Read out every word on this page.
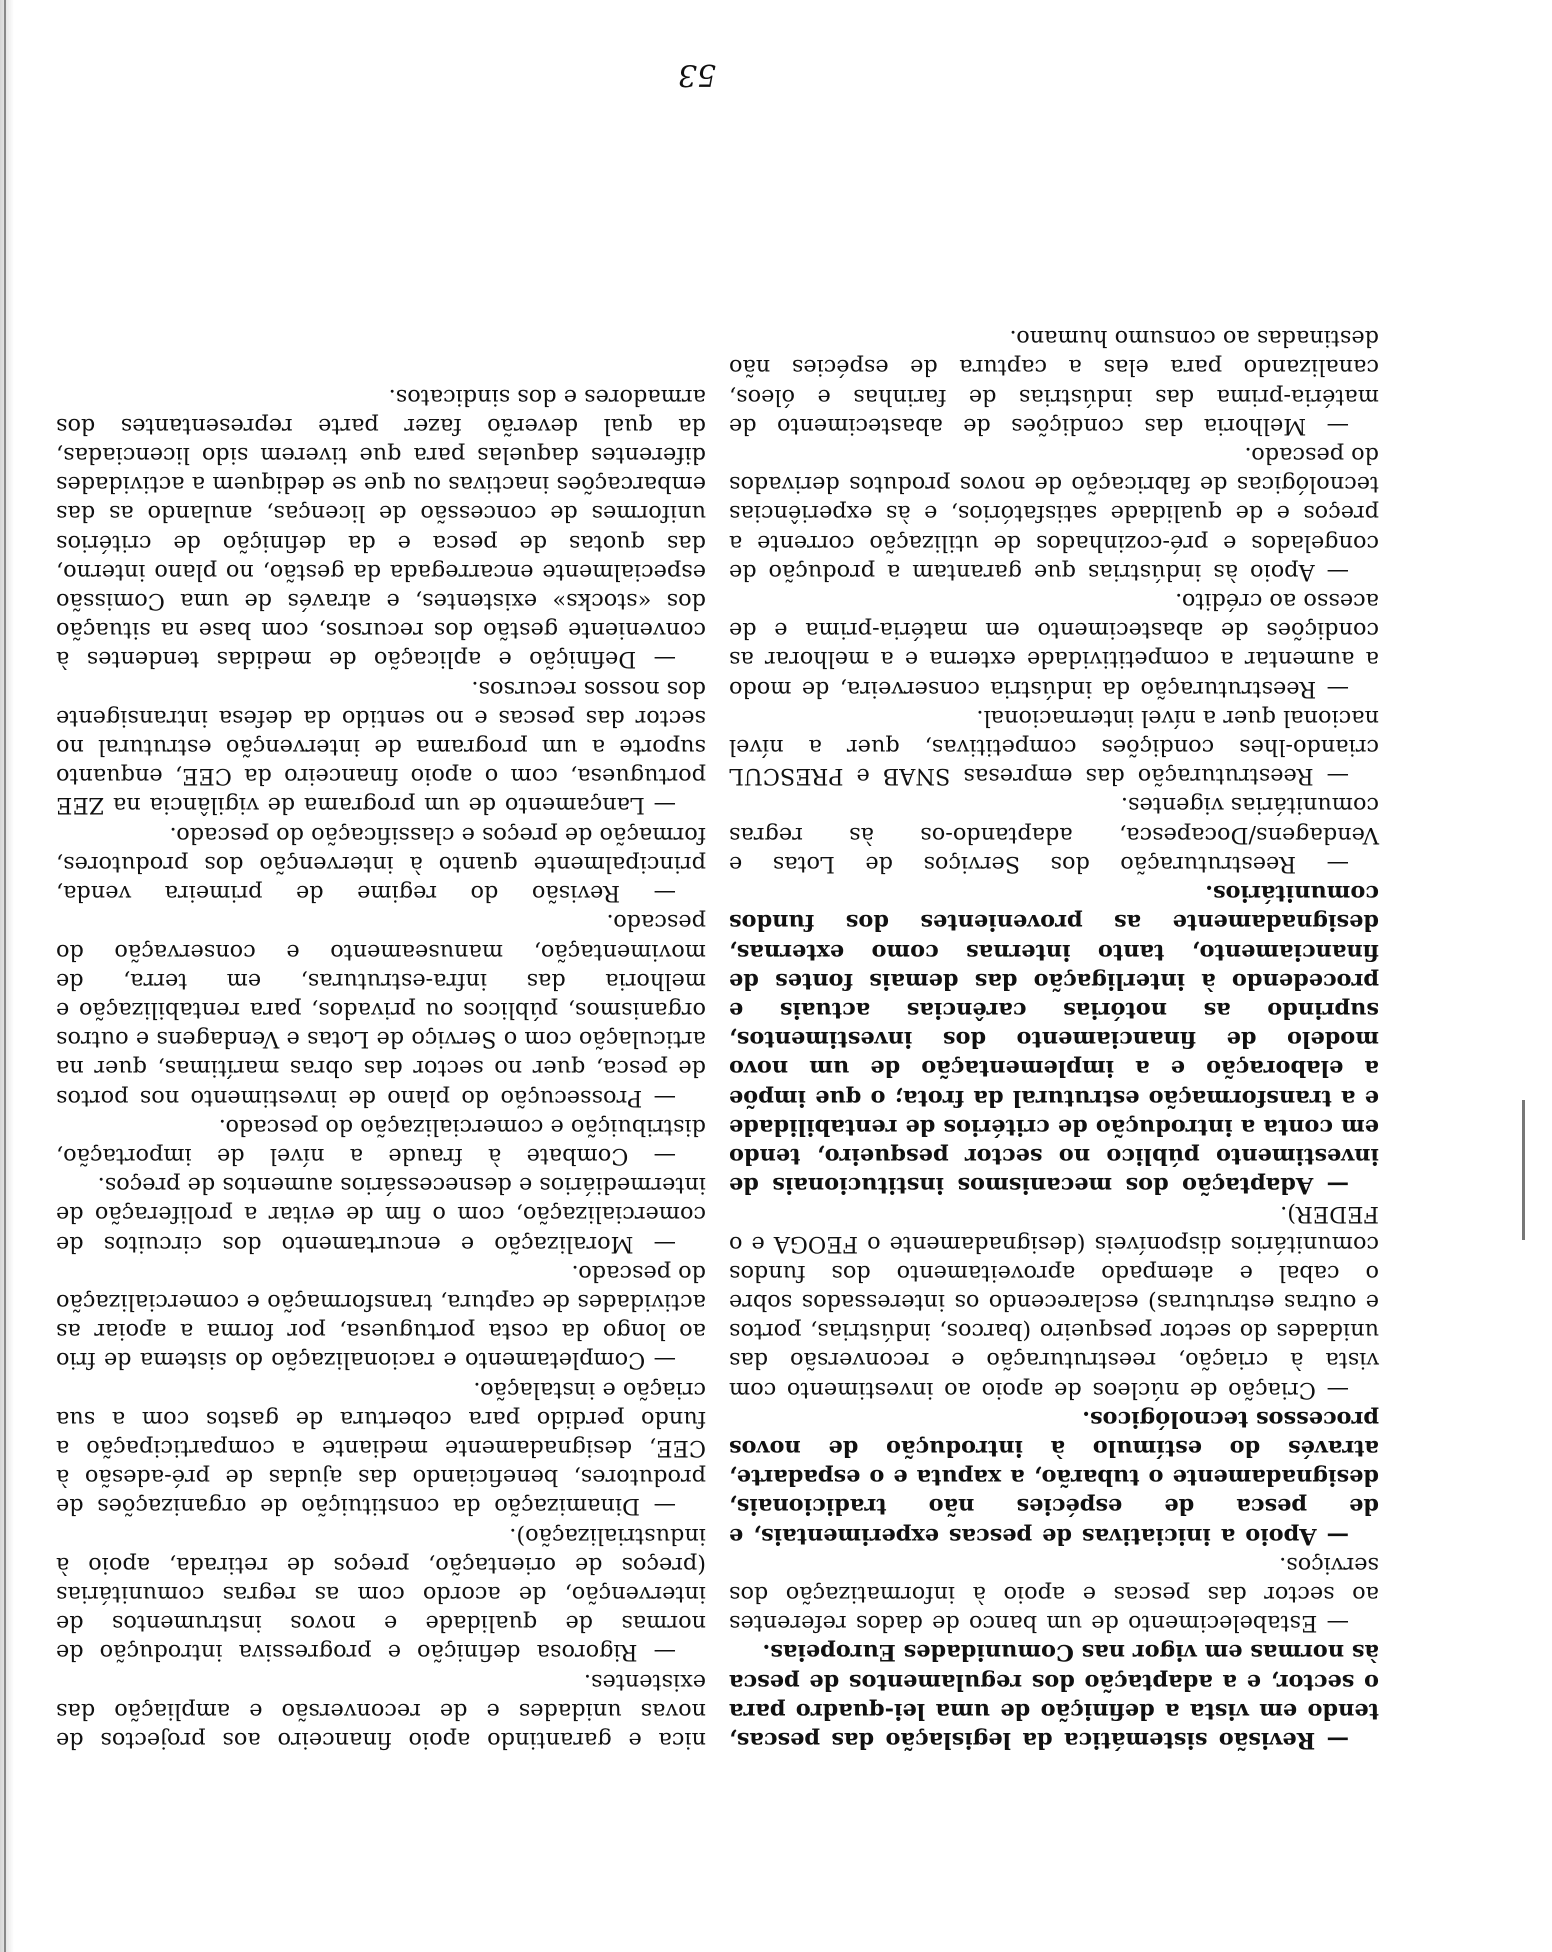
53

— Revisão sistemática da legislação das pescas, tendo em vista a definição de uma lei-quadro para o sector, e a adaptação dos regulamentos de pesca às normas em vigor nas Comunidades Europeias.

— Estabelecimento de um banco de dados referentes ao sector das pescas e apoio à informatização dos serviços.

— Apoio a iniciativas de pescas experimentais, e de pesca de espécies não tradicionais, designadamente o tubarão, a xaputa e o espadarte, através do estímulo à introdução de novos processos tecnológicos.

— Criação de núcleos de apoio ao investimento com vista à criação, reestruturação e reconversão das unidades do sector pesqueiro (barcos, indústrias, portos e outras estruturas) esclarecendo os interessados sobre o cabal e atempado aproveitamento dos fundos comunitários disponíveis (designadamente o FEOGA e o FEDER).

— Adaptação dos mecanismos institucionais de investimento público no sector pesqueiro, tendo em conta a introdução de critérios de rentabilidade e a transformação estrutural da frota; o que impõe a elaboração e a implementação de um novo modelo de financiamento dos investimentos, suprindo as notórias carências actuais e procedendo à interligação das demais fontes de financiamento, tanto internas como externas, designadamente as provenientes dos fundos comunitários.

— Reestruturação dos Serviços de Lotas e Vendagens/Docapesca, adaptando-os às regras comunitárias vigentes.

— Reestruturação das empresas SNAB e PRESCUL criando-lhes condições competitivas, quer a nível nacional quer a nível internacional.

— Reestruturação da indústria conserveira, de modo a aumentar a competitividade externa e a melhorar as condições de abastecimento em matéria-prima e de acesso ao crédito.

— Apoio às indústrias que garantam a produção de congelados e pré-cozinhados de utilização corrente a preços e de qualidade satisfatórios, e às experiências tecnológicas de fabricação de novos produtos derivados do pescado.

— Melhoria das condições de abastecimento de matéria-prima das indústrias de farinhas e óleos, canalizando para elas a captura de espécies não destinadas ao consumo humano.

nica e garantindo apoio financeiro aos projectos de novas unidades e de reconversão e ampliação das existentes.

— Rigorosa definição e progressiva introdução de normas de qualidade e novos instrumentos de intervenção, de acordo com as regras comunitárias (preços de orientação, preços de retirada, apoio à industrialização).

— Dinamização da constituição de organizações de produtores, beneficiando das ajudas de pré-adesão à CEE, designadamente mediante a comparticipação a fundo perdido para cobertura de gastos com a sua criação e instalação.

— Completamento e racionalização do sistema de frio ao longo da costa portuguesa, por forma a apoiar as actividades de captura, transformação e comercialização do pescado.

— Moralização e encurtamento dos circuitos de comercialização, com o fim de evitar a proliferação de intermediários e desnecessários aumentos de preços.

— Combate à fraude a nível de importação, distribuição e comercialização do pescado.

— Prossecução do plano de investimento nos portos de pesca, quer no sector das obras marítimas, quer na articulação com o Serviço de Lotas e Vendagens e outros organismos, públicos ou privados, para rentabilização e melhoria das infra-estruturas, em terra, de movimentação, manuseamento e conservação do pescado.

— Revisão do regime de primeira venda, principalmente quanto à intervenção dos produtores, formação de preços e classificação do pescado.

— Lançamento de um programa de vigilância na ZEE portuguesa, com o apoio financeiro da CEE, enquanto suporte a um programa de intervenção estrutural no sector das pescas e no sentido da defesa intransigente dos nossos recursos.

— Definição e aplicação de medidas tendentes à conveniente gestão dos recursos, com base na situação dos «stocks» existentes, e através de uma Comissão especialmente encarregada da gestão, no plano interno, das quotas de pesca e da definição de critérios uniformes de concessão de licenças, anulando as das embarcações inactivas ou que se dediquem a actividades diferentes daquelas para que tiverem sido licenciadas, da qual deverão fazer parte representantes dos armadores e dos sindicatos.
